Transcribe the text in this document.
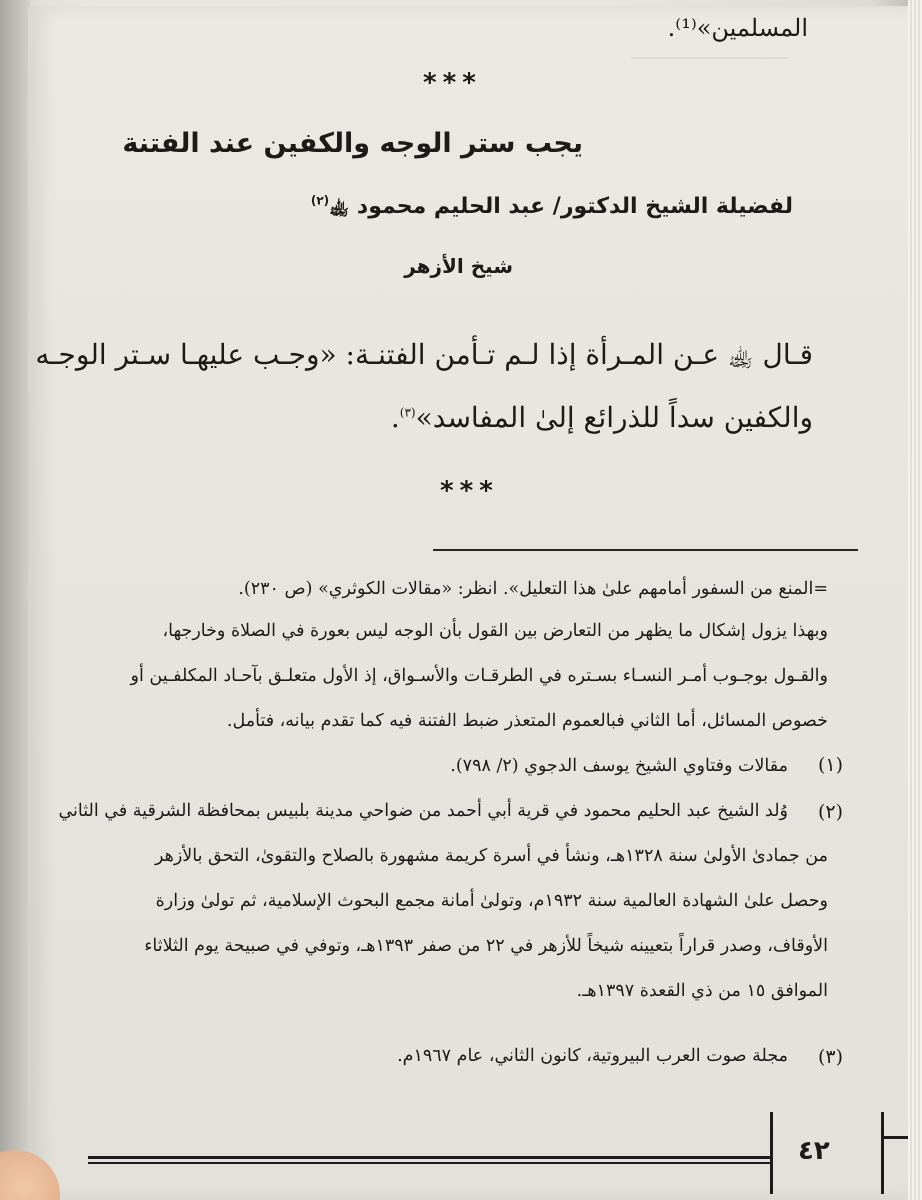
─────────────
المسلمين»⁽¹⁾.
***
يجب ستر الوجه والكفين عند الفتنة
لفضيلة الشيخ الدكتور/ عبد الحليم محمود ﵀$^{(٢)}$
شيخ الأزهر
قـال ﵀ عـن المـرأة إذا لـم تـأمن الفتنـة: «وجـب عليهـا سـتر الوجـه
والكفين سداً للذرائع إلىٰ المفاسد»$^{(٣)}$.
***
=المنع من السفور أمامهم علىٰ هذا التعليل». انظر: «مقالات الكوثري» (ص ٢٣٠).
وبهذا يزول إشكال ما يظهر من التعارض بين القول بأن الوجه ليس بعورة في الصلاة وخارجها،
والقـول بوجـوب أمـر النسـاء بسـتره في الطرقـات والأسـواق، إذ الأول متعلـق بآحـاد المكلفـين أو
خصوص المسائل، أما الثاني فبالعموم المتعذر ضبط الفتنة فيه كما تقدم بيانه، فتأمل.
(١)
مقالات وفتاوي الشيخ يوسف الدجوي (٢/ ٧٩٨).
(٢)
وُلد الشيخ عبد الحليم محمود في قرية أبي أحمد من ضواحي مدينة بلبيس بمحافظة الشرقية في الثاني
من جمادىٰ الأولىٰ سنة ١٣٢٨هـ، ونشأ في أسرة كريمة مشهورة بالصلاح والتقوىٰ، التحق بالأزهر
وحصل علىٰ الشهادة العالمية سنة ١٩٣٢م، وتولىٰ أمانة مجمع البحوث الإسلامية، ثم تولىٰ وزارة
الأوقاف، وصدر قراراً بتعيينه شيخاً للأزهر في ٢٢ من صفر ١٣٩٣هـ، وتوفي في صبيحة يوم الثلاثاء
الموافق ١٥ من ذي القعدة ١٣٩٧هـ.
(٣)
مجلة صوت العرب البيروتية، كانون الثاني، عام ١٩٦٧م.
٤٢
